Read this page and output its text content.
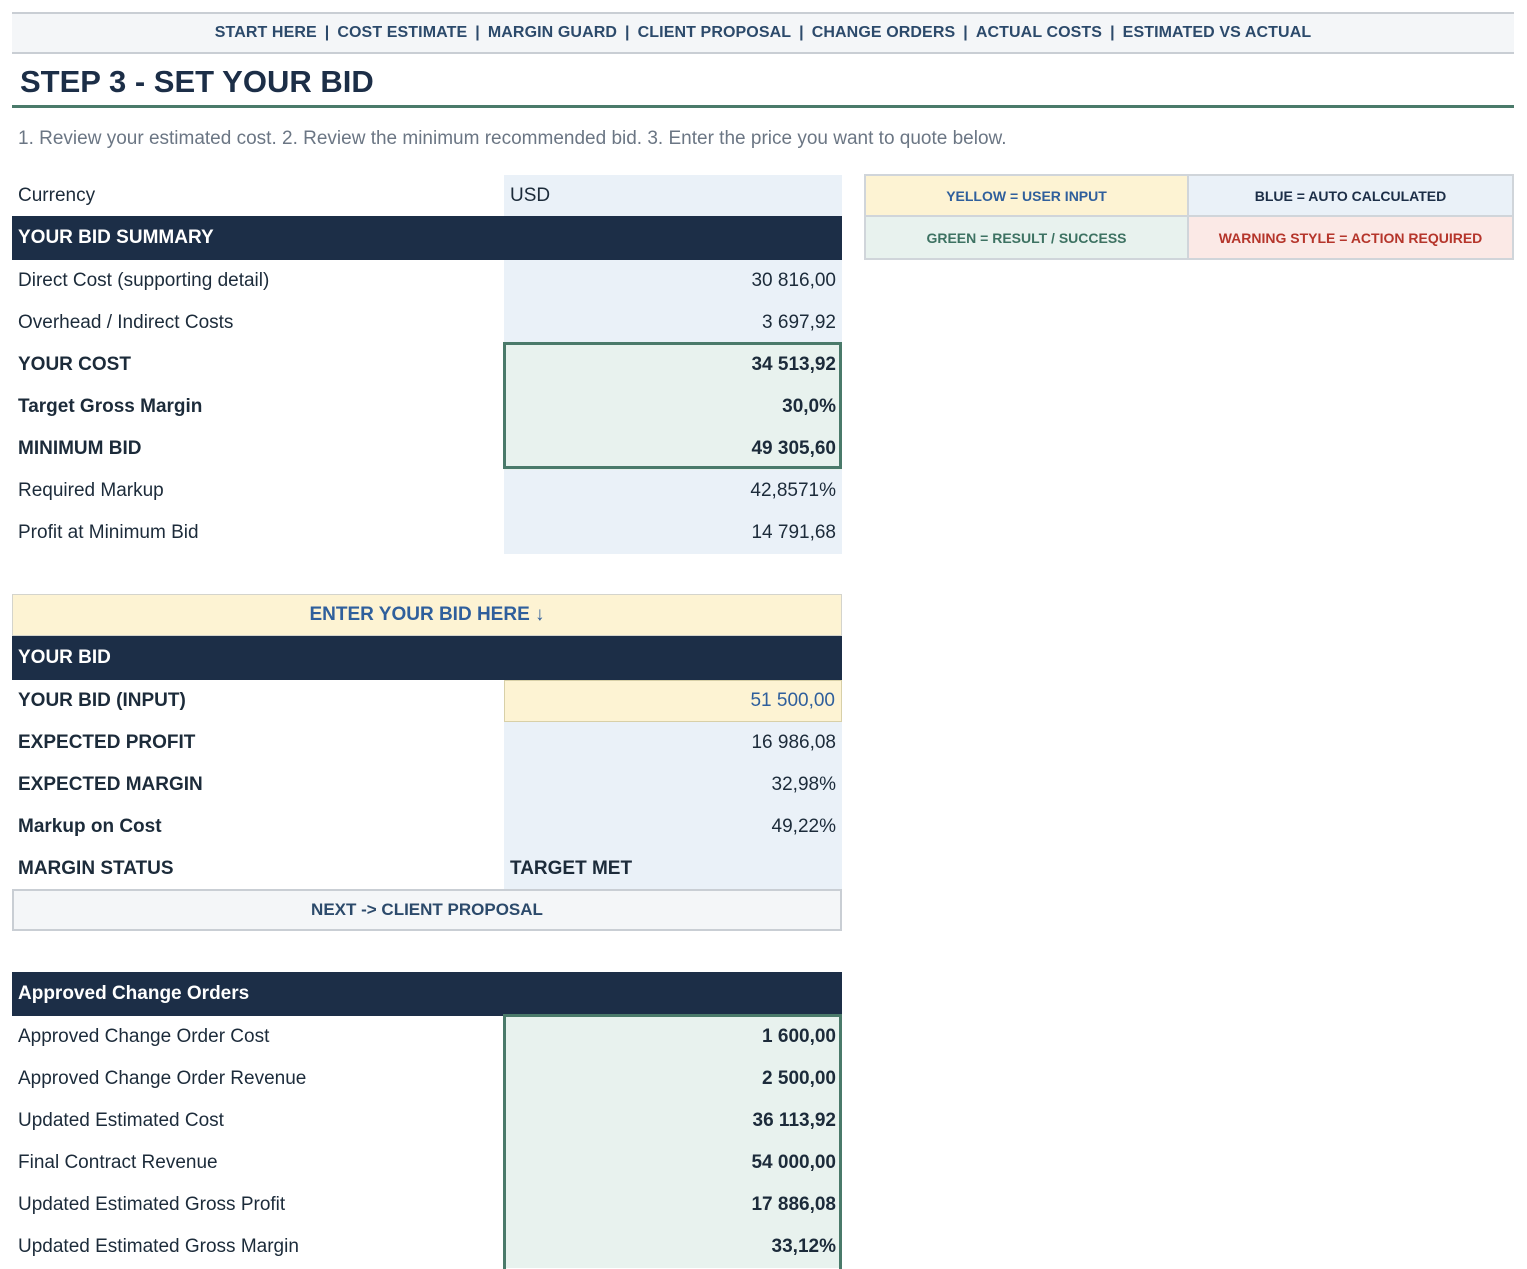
START HERE | COST ESTIMATE | MARGIN GUARD | CLIENT PROPOSAL | CHANGE ORDERS | ACTUAL COSTS | ESTIMATED VS ACTUAL
STEP 3 - SET YOUR BID
1. Review your estimated cost. 2. Review the minimum recommended bid. 3. Enter the price you want to quote below.
Currency	USD
YOUR BID SUMMARY
Direct Cost (supporting detail)	30 816,00
Overhead / Indirect Costs	3 697,92
YOUR COST	34 513,92
Target Gross Margin	30,0%
MINIMUM BID	49 305,60
Required Markup	42,8571%
Profit at Minimum Bid	14 791,68
ENTER YOUR BID HERE ↓
YOUR BID
YOUR BID (INPUT)	51 500,00
EXPECTED PROFIT	16 986,08
EXPECTED MARGIN	32,98%
Markup on Cost	49,22%
MARGIN STATUS	TARGET MET
NEXT -> CLIENT PROPOSAL
Approved Change Orders
Approved Change Order Cost	1 600,00
Approved Change Order Revenue	2 500,00
Updated Estimated Cost	36 113,92
Final Contract Revenue	54 000,00
Updated Estimated Gross Profit	17 886,08
Updated Estimated Gross Margin	33,12%
YELLOW = USER INPUT	BLUE = AUTO CALCULATED
GREEN = RESULT / SUCCESS	WARNING STYLE = ACTION REQUIRED
